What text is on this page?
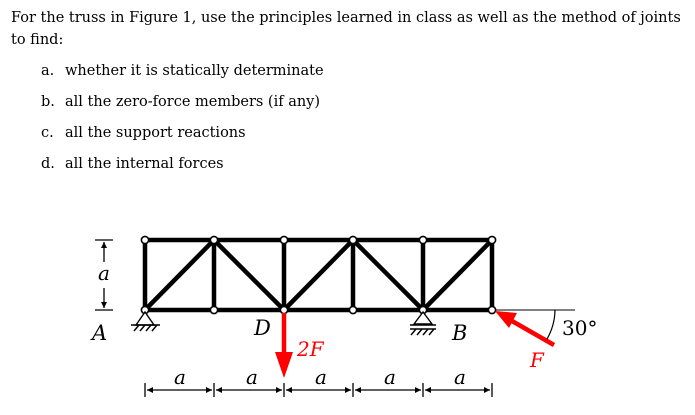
For the truss in Figure 1, use the principles learned in class as well as the method of joints to find:
a. whether it is statically determinate
b. all the zero-force members (if any)
c. all the support reactions
d. all the internal forces
a
a	a	a	a	a
2F
30°
F
A	D	B
